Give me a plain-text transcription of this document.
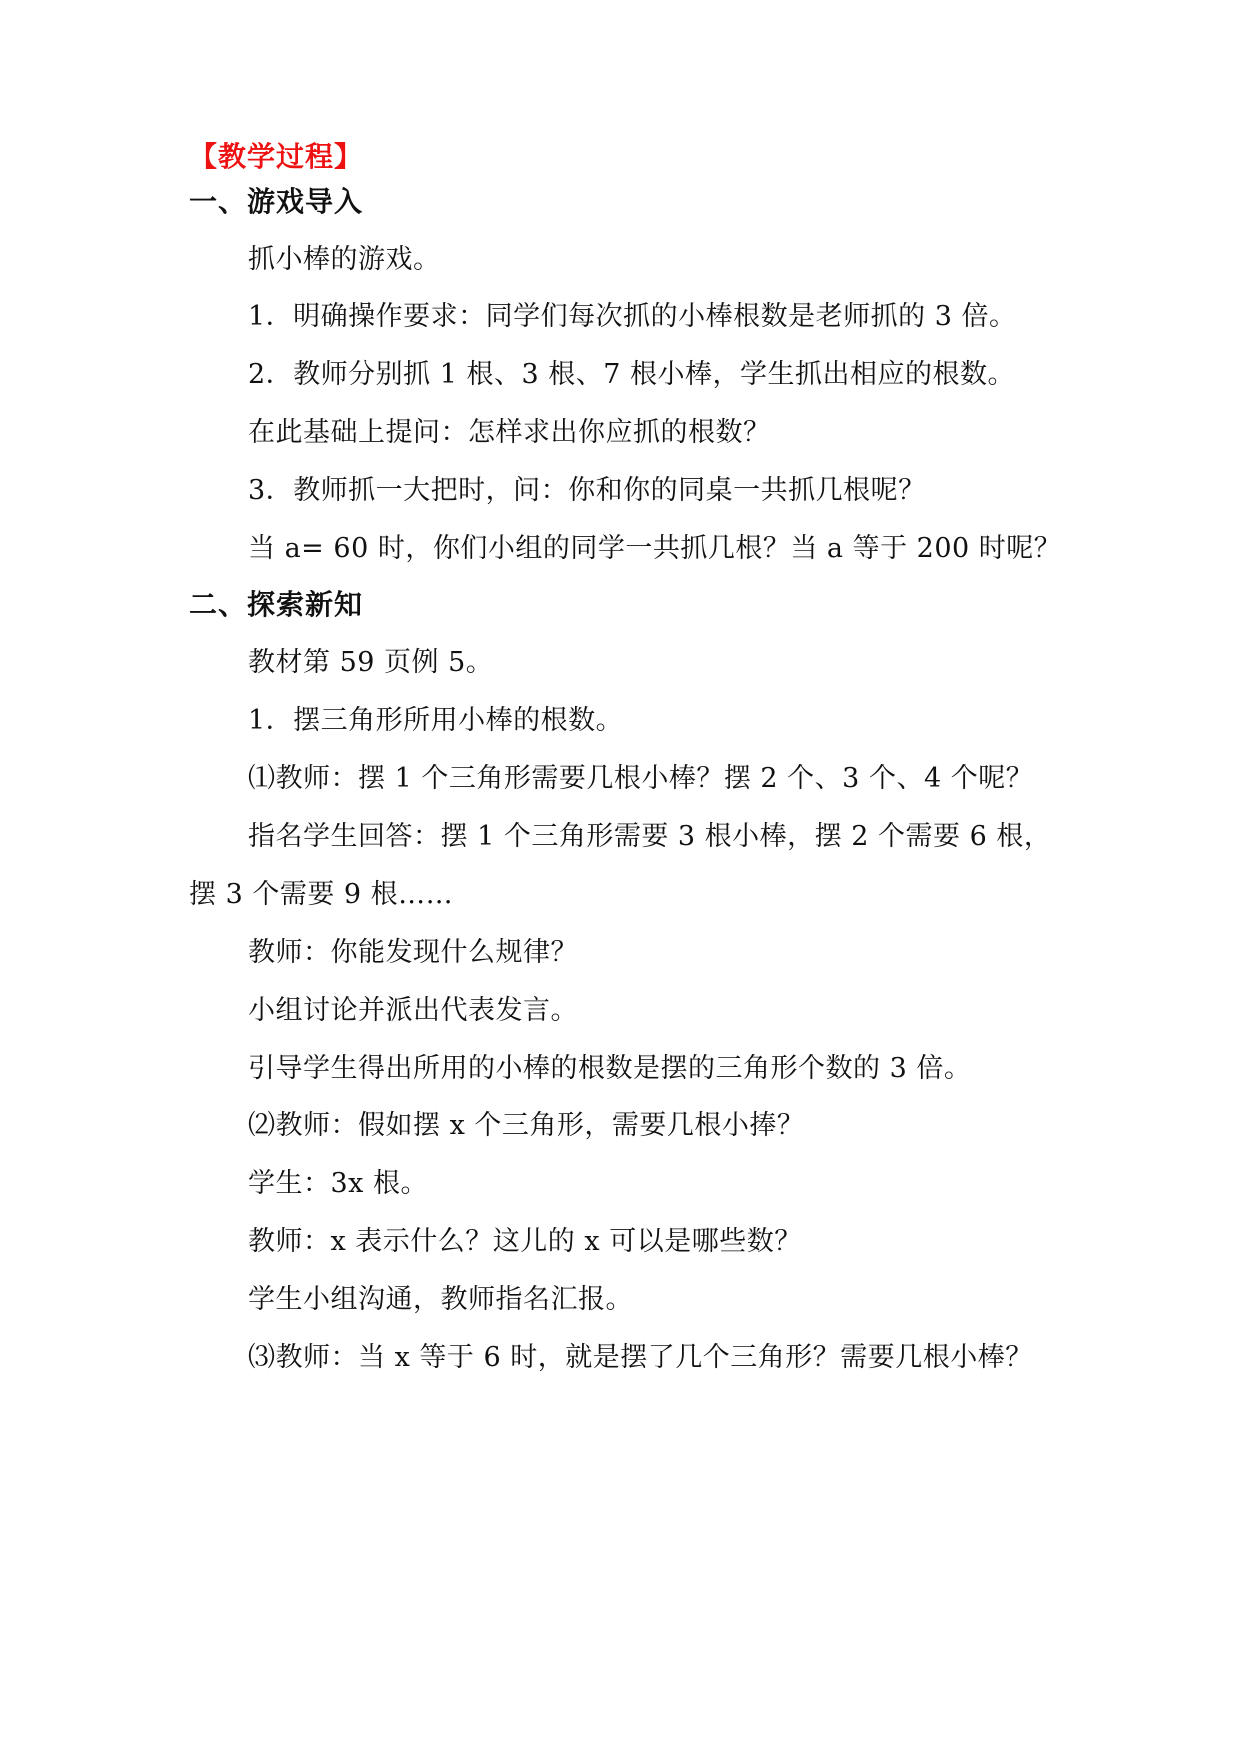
【教学过程】
一、游戏导入
抓小棒的游戏。
1．明确操作要求：同学们每次抓的小棒根数是老师抓的 3 倍。
2．教师分别抓 1 根、3 根、7 根小棒，学生抓出相应的根数。
在此基础上提问：怎样求出你应抓的根数？
3．教师抓一大把时，问：你和你的同桌一共抓几根呢？
当 a= 60 时，你们小组的同学一共抓几根？当 a 等于 200 时呢？
二、探索新知
教材第 59 页例 5。
1．摆三角形所用小棒的根数。
⑴教师：摆 1 个三角形需要几根小棒？摆 2 个、3 个、4 个呢？
指名学生回答：摆 1 个三角形需要 3 根小棒，摆 2 个需要 6 根，
摆 3 个需要 9 根……
教师：你能发现什么规律？
小组讨论并派出代表发言。
引导学生得出所用的小棒的根数是摆的三角形个数的 3 倍。
⑵教师：假如摆 x 个三角形，需要几根小捧？
学生：3x 根。
教师：x 表示什么？这儿的 x 可以是哪些数？
学生小组沟通，教师指名汇报。
⑶教师：当 x 等于 6 时，就是摆了几个三角形？需要几根小棒？
